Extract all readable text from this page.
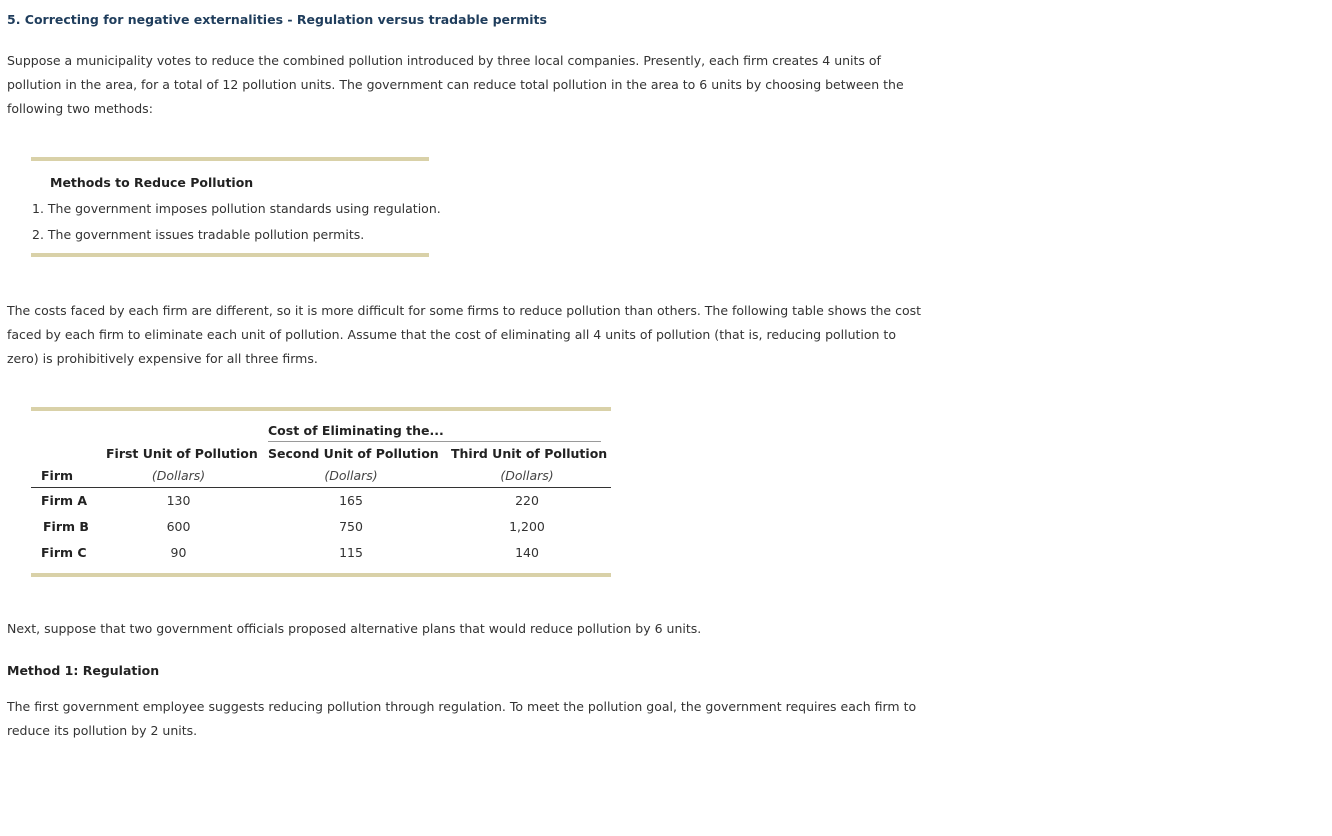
5. Correcting for negative externalities - Regulation versus tradable permits

Suppose a municipality votes to reduce the combined pollution introduced by three local companies. Presently, each firm creates 4 units of pollution in the area, for a total of 12 pollution units. The government can reduce total pollution in the area to 6 units by choosing between the following two methods:

Methods to Reduce Pollution
1. The government imposes pollution standards using regulation.
2. The government issues tradable pollution permits.

The costs faced by each firm are different, so it is more difficult for some firms to reduce pollution than others. The following table shows the cost faced by each firm to eliminate each unit of pollution. Assume that the cost of eliminating all 4 units of pollution (that is, reducing pollution to zero) is prohibitively expensive for all three firms.

Cost of Eliminating the...
First Unit of Pollution Second Unit of Pollution Third Unit of Pollution
Firm	(Dollars)	(Dollars)	(Dollars)
Firm A	130	165	220
Firm B	600	750	1,200
Firm C	90	115	140

Next, suppose that two government officials proposed alternative plans that would reduce pollution by 6 units.

Method 1: Regulation

The first government employee suggests reducing pollution through regulation. To meet the pollution goal, the government requires each firm to reduce its pollution by 2 units.
